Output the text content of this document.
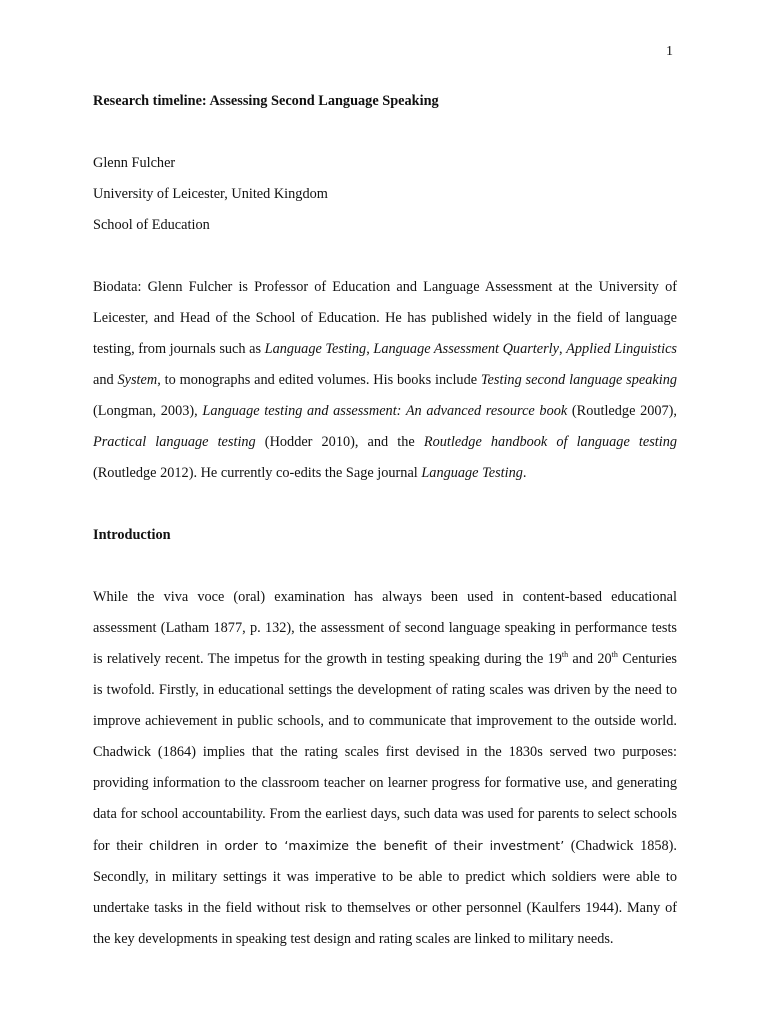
1

Research timeline: Assessing Second Language Speaking

Glenn Fulcher

University of Leicester, United Kingdom

School of Education

Biodata: Glenn Fulcher is Professor of Education and Language Assessment at the University of Leicester, and Head of the School of Education. He has published widely in the field of language testing, from journals such as Language Testing, Language Assessment Quarterly, Applied Linguistics and System, to monographs and edited volumes. His books include Testing second language speaking (Longman, 2003), Language testing and assessment: An advanced resource book (Routledge 2007), Practical language testing (Hodder 2010), and the Routledge handbook of language testing (Routledge 2012). He currently co-edits the Sage journal Language Testing.

Introduction

While the viva voce (oral) examination has always been used in content-based educational assessment (Latham 1877, p. 132), the assessment of second language speaking in performance tests is relatively recent. The impetus for the growth in testing speaking during the 19th and 20th Centuries is twofold. Firstly, in educational settings the development of rating scales was driven by the need to improve achievement in public schools, and to communicate that improvement to the outside world. Chadwick (1864) implies that the rating scales first devised in the 1830s served two purposes: providing information to the classroom teacher on learner progress for formative use, and generating data for school accountability. From the earliest days, such data was used for parents to select schools for their children in order to ‘maximize the benefit of their investment’ (Chadwick 1858). Secondly, in military settings it was imperative to be able to predict which soldiers were able to undertake tasks in the field without risk to themselves or other personnel (Kaulfers 1944). Many of the key developments in speaking test design and rating scales are linked to military needs.
